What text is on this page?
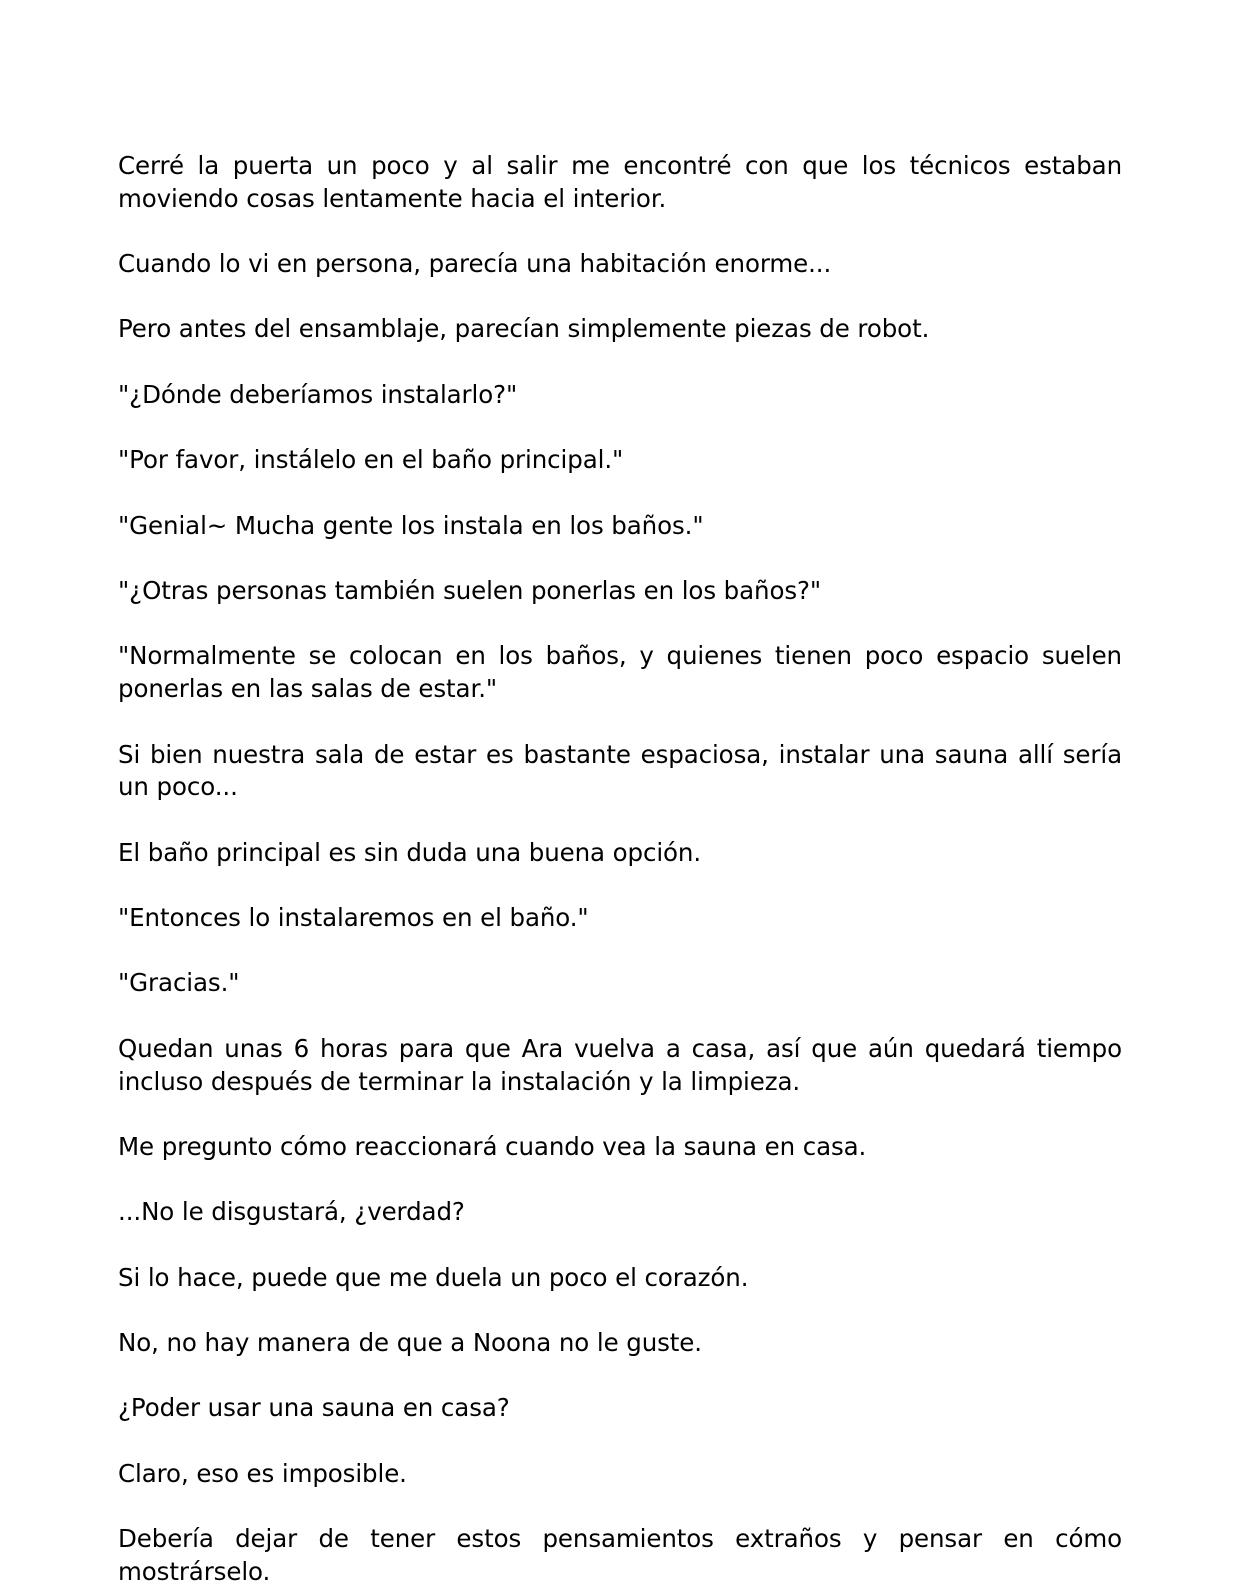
Cerré la puerta un poco y al salir me encontré con que los técnicos estaban moviendo cosas lentamente hacia el interior.

Cuando lo vi en persona, parecía una habitación enorme...

Pero antes del ensamblaje, parecían simplemente piezas de robot.

"¿Dónde deberíamos instalarlo?"

"Por favor, instálelo en el baño principal."

"Genial~ Mucha gente los instala en los baños."

"¿Otras personas también suelen ponerlas en los baños?"

"Normalmente se colocan en los baños, y quienes tienen poco espacio suelen ponerlas en las salas de estar."

Si bien nuestra sala de estar es bastante espaciosa, instalar una sauna allí sería un poco...

El baño principal es sin duda una buena opción.

"Entonces lo instalaremos en el baño."

"Gracias."

Quedan unas 6 horas para que Ara vuelva a casa, así que aún quedará tiempo incluso después de terminar la instalación y la limpieza.

Me pregunto cómo reaccionará cuando vea la sauna en casa.

...No le disgustará, ¿verdad?

Si lo hace, puede que me duela un poco el corazón.

No, no hay manera de que a Noona no le guste.

¿Poder usar una sauna en casa?

Claro, eso es imposible.

Debería dejar de tener estos pensamientos extraños y pensar en cómo mostrárselo.
